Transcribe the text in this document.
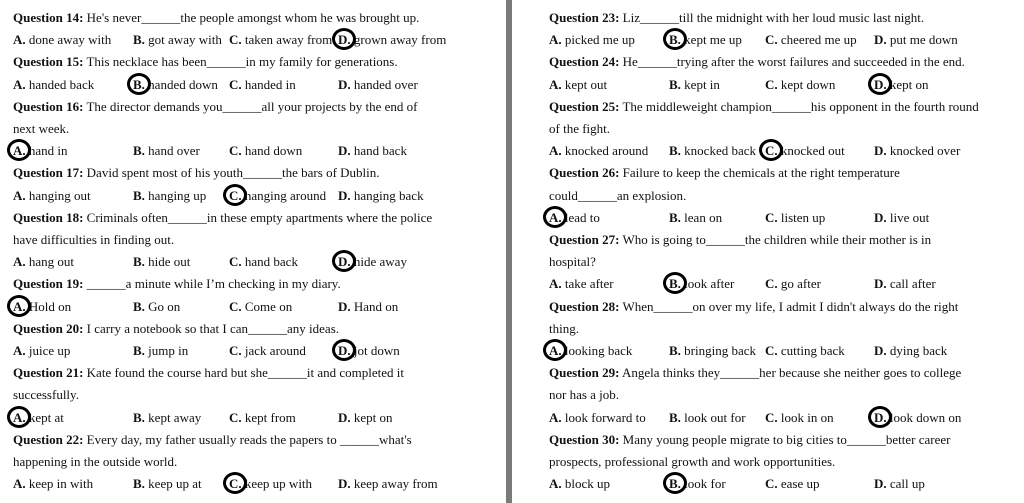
Question 14: He's never______the people amongst whom he was brought up.
A. done away with B. got away with C. taken away from D. grown away from
Question 15: This necklace has been______in my family for generations.
A. handed back	B. handed down C. handed in	D. handed over
Question 16: The director demands you______all your projects by the end of
next week.
A. hand in	B. hand over C. hand down	D. hand back
Question 17: David spent most of his youth______the bars of Dublin.
A. hanging out	B. hanging up C. hanging around D. hanging back
Question 18: Criminals often______in these empty apartments where the police
have difficulties in finding out.
A. hang out	B. hide out	C. hand back	D. hide away
Question 19: ______a minute while I’m checking in my diary.
A. Hold on	B. Go on	C. Come on	D. Hand on
Question 20: I carry a notebook so that I can______any ideas.
A. juice up	B. jump in	C. jack around D. jot down
Question 21: Kate found the course hard but she______it and completed it
successfully.
A. kept at	B. kept away C. kept from	D. kept on
Question 22: Every day, my father usually reads the papers to ______what's
happening in the outside world.
A. keep in with	B. keep up at C. keep up with D. keep away from
Question 23: Liz______till the midnight with her loud music last night.
A. picked me up	B. kept me up C. cheered me up D. put me down
Question 24: He______trying after the worst failures and succeeded in the end.
A. kept out	B. kept in	C. kept down	D. kept on
Question 25: The middleweight champion______his opponent in the fourth round
of the fight.
A. knocked around B. knocked back C. knocked out D. knocked over
Question 26: Failure to keep the chemicals at the right temperature
could______an explosion.
A. lead to	B. lean on	C. listen up	D. live out
Question 27: Who is going to______the children while their mother is in
hospital?
A. take after	B. look after C. go after	D. call after
Question 28: When______on over my life, I admit I didn't always do the right
thing.
A. looking back	B. bringing back C. cutting back D. dying back
Question 29: Angela thinks they______her because she neither goes to college
nor has a job.
A. look forward to B. look out for C. look in on	D. look down on
Question 30: Many young people migrate to big cities to______better career
prospects, professional growth and work opportunities.
A. block up	B. look for	C. ease up	D. call up
